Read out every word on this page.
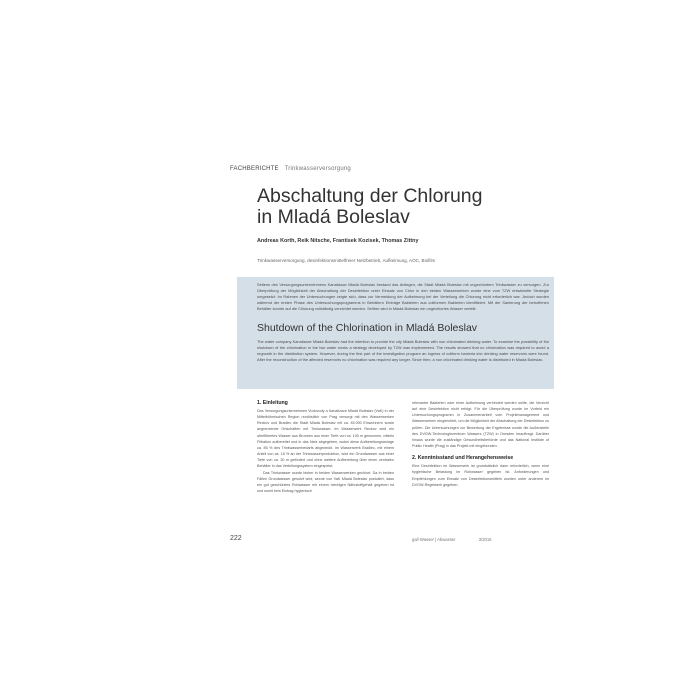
FACHBERICHTE Trinkwasserversorgung
Abschaltung der Chlorung
in Mladá Boleslav
Andreas Korth, Reik Nitsche, Frantisek Kozisek, Thomas Zittny
Trinkwasserversorgung, desinfektionsmittelfreier Netzbetrieb, Aufkeimung, AOC, Biofilm
Seitens des Versorgungsunternehmens Kanalizace Mladá Boleslav bestand das Anliegen, die Stadt Mladá Boleslav mit ungechlortem Trinkwasser zu versorgen. Zur Überprüfung der Möglichkeit der Abschaltung der Desinfektion unter Einsatz von Chlor in den beiden Wasserwerken wurde eine vom TZW entwickelte Strategie umgesetzt. Im Rahmen der Untersuchungen zeigte sich, dass zur Vermeidung der Aufkeimung bei der Verteilung die Chlorung nicht erforderlich war. Jedoch wurden während der ersten Phase des Untersuchungsprogramms in Behältern Einträge Bakterien aus coliformen Bakterien identifiziert. Mit der Sanierung der betroffenen Behälter konnte auf die Chlorung vollständig verzichtet werden. Seither wird in Mladá Boleslav ein ungechlortes Wasser verteilt.
Shutdown of the Chlorination in Mladá Boleslav
The water company Kanalizace Mladá Boleslav had the intention to provide the city Mladá Boleslav with non chlorinated drinking water. To examine the possibility of the shutdown of the chlorination in the two water works a strategy developed by TZW was implemented. The results showed that no chlorination was required to avoid a regrowth in the distribution system. However, during the first part of the investigation program an ingress of coliform bacteria into drinking water reservoirs were found. After the reconstruction of the affected reservoirs no chlorination was required any longer. Since then, a non chlorinated drinking water is distributed in Mladá Boleslav.
1. Einleitung

Das Versorgungsunternehmen Vodovody a Kanalizace Mladá Boleslav (VaK) in der Mittelböhmischen Region nordöstlich von Prag versorgt mit den Wasserwerken Reckov und Bradlec die Stadt Mladá Boleslav mit ca. 45.000 Einwohnern sowie angrenzende Ortschaften mit Trinkwasser. Im Wasserwerk Reckov wird ein uferfiltriertes Wasser aus Brunnen aus einer Tiefe von ca. 100 m gewonnen, mittels Filtration aufbereitet und in das Netz abgegeben, wobei diese Aufbereitungsanlage ca. 85 % des Trinkwasserbedarfs abgedeckt. Im Wasserwerk Bradlec, mit einem Anteil von ca. 15 % an der Trinkwasserproduktion, wird ein Grundwasser aus einer Tiefe von ca. 30 m gefördert und ohne weitere Aufbereitung über einen zentralen Behälter in das Verteilungssystem eingespeist.

Das Trinkwasser wurde bisher in beiden Wasserwerken gechlort. Da in beiden Fällen Grundwasser genutzt wird, wurde von VaK Mladá Boleslav postuliert, dass ein gut geschütztes Rohwasser mit einem niedrigen Nährstoffgehalt gegeben ist und somit kein Eintrag hygienisch

relevanter Bakterien oder einer Aufkeimung verhindert werden sollte, die Verzicht auf eine Desinfektion nicht erfolgt. Für die Überprüfung wurde im Vorfeld ein Untersuchungsprogramm in Zusammenarbeit vom Projektmanagement und Wasserwerken eingerichtet, um die Möglichkeit der Abschaltung der Desinfektion zu prüfen. Die Untersuchungen zur Bewertung der Ergebnisse wurde die Außenstelle des DVGW-Technologiezentrum Wassers (TZW) in Dresden beauftragt. Darüber hinaus wurde die zuständige Gesundheitsbehörde und das National Institute of Public Health (Prag) in das Projekt mit eingebunden.

2. Kenntnisstand und Herangehensweise

Eine Desinfektion im Wasserwerk ist grundsätzlich dann erforderlich, wenn eine hygienische Belastung im Rohwasser gegeben ist. Anforderungen und Empfehlungen zum Einsatz von Desinfektionsmitteln wurden unter anderem im DVGW-Regelwerk gegeben.

222	gwf-Wasser | Abwasser	3/2015
